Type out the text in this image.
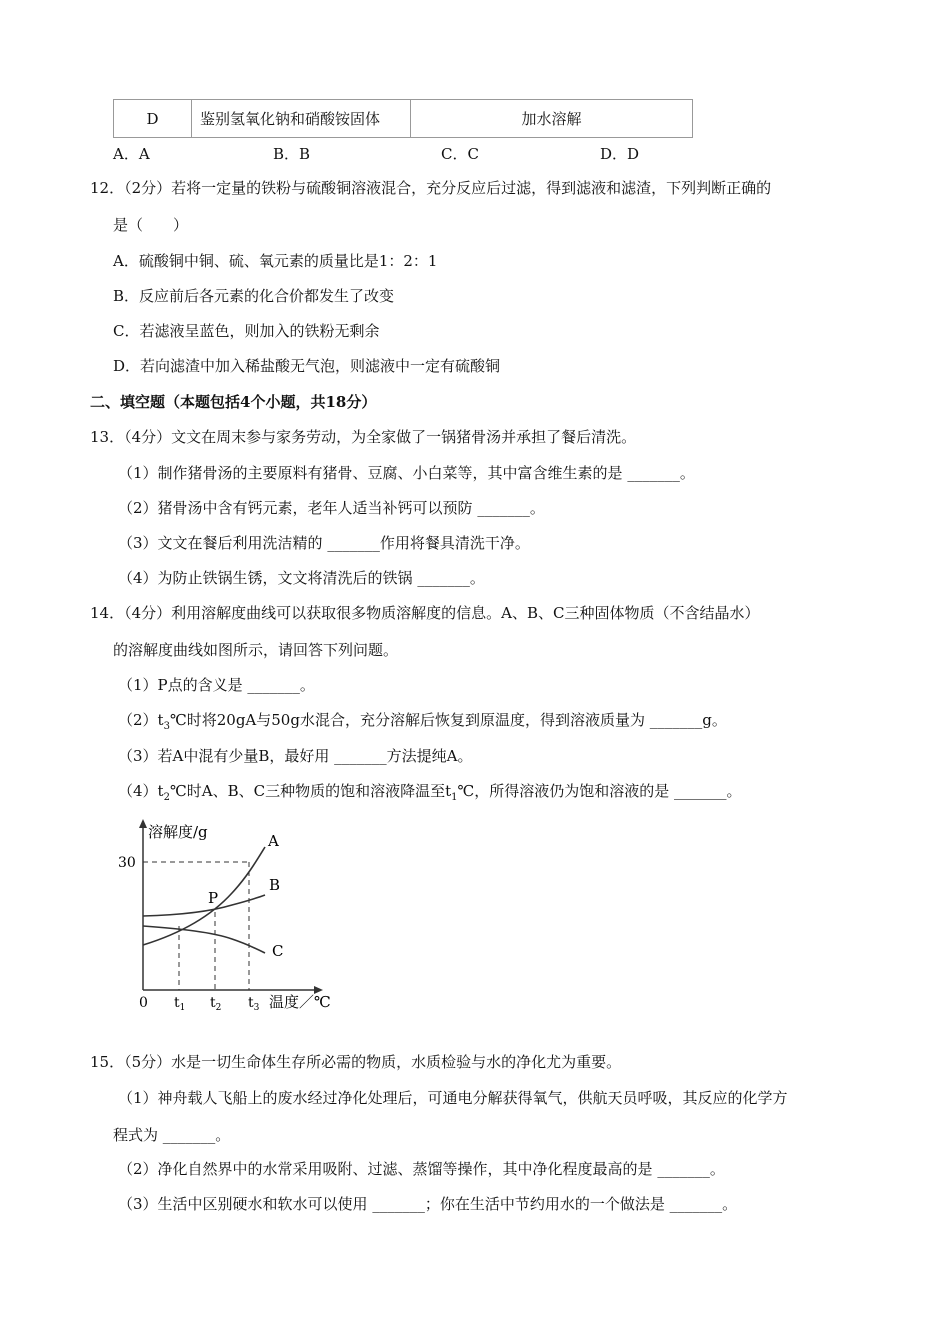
D	鉴别氢氧化钠和硝酸铵固体	加水溶解
A．A	B．B	C．C	D．D
12．（2分）若将一定量的铁粉与硫酸铜溶液混合，充分反应后过滤，得到滤液和滤渣，下列判断正确的
是（　　）
A．硫酸铜中铜、硫、氧元素的质量比是1：2：1
B．反应前后各元素的化合价都发生了改变
C．若滤液呈蓝色，则加入的铁粉无剩余
D．若向滤渣中加入稀盐酸无气泡，则滤液中一定有硫酸铜
二、填空题（本题包括4个小题，共18分）
13．（4分）文文在周末参与家务劳动，为全家做了一锅猪骨汤并承担了餐后清洗。
（1）制作猪骨汤的主要原料有猪骨、豆腐、小白菜等，其中富含维生素的是 _______。
（2）猪骨汤中含有钙元素，老年人适当补钙可以预防 _______。
（3）文文在餐后利用洗洁精的 _______作用将餐具清洗干净。
（4）为防止铁锅生锈，文文将清洗后的铁锅 _______。
14．（4分）利用溶解度曲线可以获取很多物质溶解度的信息。A、B、C三种固体物质（不含结晶水）
的溶解度曲线如图所示，请回答下列问题。
（1）P点的含义是 _______。
$(2)t_3℃$时将20gA与50g水混合，充分溶解后恢复到原温度，得到溶液质量为 _______g。
（3）若A中混有少量B，最好用 _______方法提纯A。
$(4)t_2℃$时A、B、C三种物质的饱和溶液降温至$t_1℃$，所得溶液仍为饱和溶液的是 _______。
溶解度/g
30
0 $t_1$ $t_2$ $t_3$ 温度／℃
A
B
C
P
15．（5分）水是一切生命体生存所必需的物质，水质检验与水的净化尤为重要。
（1）神舟载人飞船上的废水经过净化处理后，可通电分解获得氧气，供航天员呼吸，其反应的化学方
程式为 _______。
（2）净化自然界中的水常采用吸附、过滤、蒸馏等操作，其中净化程度最高的是 _______。
（3）生活中区别硬水和软水可以使用 _______；你在生活中节约用水的一个做法是 _______。
